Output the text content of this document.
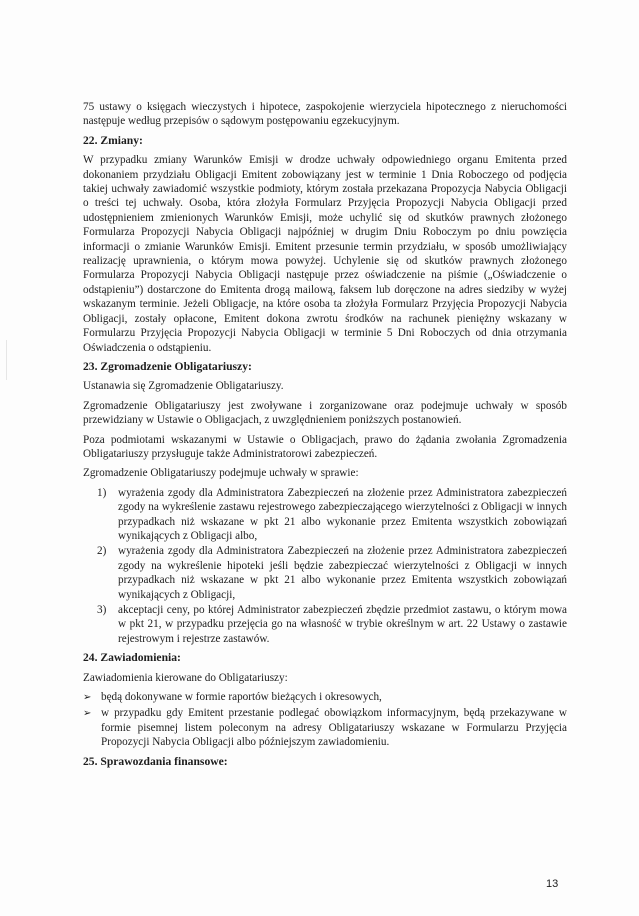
75 ustawy o księgach wieczystych i hipotece, zaspokojenie wierzyciela hipotecznego z nieruchomości następuje według przepisów o sądowym postępowaniu egzekucyjnym.

22. Zmiany:

W przypadku zmiany Warunków Emisji w drodze uchwały odpowiedniego organu Emitenta przed dokonaniem przydziału Obligacji Emitent zobowiązany jest w terminie 1 Dnia Roboczego od podjęcia takiej uchwały zawiadomić wszystkie podmioty, którym została przekazana Propozycja Nabycia Obligacji o treści tej uchwały. Osoba, która złożyła Formularz Przyjęcia Propozycji Nabycia Obligacji przed udostępnieniem zmienionych Warunków Emisji, może uchylić się od skutków prawnych złożonego Formularza Propozycji Nabycia Obligacji najpóźniej w drugim Dniu Roboczym po dniu powzięcia informacji o zmianie Warunków Emisji. Emitent przesunie termin przydziału, w sposób umożliwiający realizację uprawnienia, o którym mowa powyżej. Uchylenie się od skutków prawnych złożonego Formularza Propozycji Nabycia Obligacji następuje przez oświadczenie na piśmie („Oświadczenie o odstąpieniu”) dostarczone do Emitenta drogą mailową, faksem lub doręczone na adres siedziby w wyżej wskazanym terminie. Jeżeli Obligacje, na które osoba ta złożyła Formularz Przyjęcia Propozycji Nabycia Obligacji, zostały opłacone, Emitent dokona zwrotu środków na rachunek pieniężny wskazany w Formularzu Przyjęcia Propozycji Nabycia Obligacji w terminie 5 Dni Roboczych od dnia otrzymania Oświadczenia o odstąpieniu.

23. Zgromadzenie Obligatariuszy:

Ustanawia się Zgromadzenie Obligatariuszy.

Zgromadzenie Obligatariuszy jest zwoływane i zorganizowane oraz podejmuje uchwały w sposób przewidziany w Ustawie o Obligacjach, z uwzględnieniem poniższych postanowień.

Poza podmiotami wskazanymi w Ustawie o Obligacjach, prawo do żądania zwołania Zgromadzenia Obligatariuszy przysługuje także Administratorowi zabezpieczeń.

Zgromadzenie Obligatariuszy podejmuje uchwały w sprawie:

1)	wyrażenia zgody dla Administratora Zabezpieczeń na złożenie przez Administratora zabezpieczeń zgody na wykreślenie zastawu rejestrowego zabezpieczającego wierzytelności z Obligacji w innych przypadkach niż wskazane w pkt 21 albo wykonanie przez Emitenta wszystkich zobowiązań wynikających z Obligacji albo,
2)	wyrażenia zgody dla Administratora Zabezpieczeń na złożenie przez Administratora zabezpieczeń zgody na wykreślenie hipoteki jeśli będzie zabezpieczać wierzytelności z Obligacji w innych przypadkach niż wskazane w pkt 21 albo wykonanie przez Emitenta wszystkich zobowiązań wynikających z Obligacji,
3)	akceptacji ceny, po której Administrator zabezpieczeń zbędzie przedmiot zastawu, o którym mowa w pkt 21, w przypadku przejęcia go na własność w trybie określnym w art. 22 Ustawy o zastawie rejestrowym i rejestrze zastawów.
24. Zawiadomienia:

Zawiadomienia kierowane do Obligatariuszy:

➢ będą dokonywane w formie raportów bieżących i okresowych,
➢ w przypadku gdy Emitent przestanie podlegać obowiązkom informacyjnym, będą przekazywane w formie pisemnej listem poleconym na adresy Obligatariuszy wskazane w Formularzu Przyjęcia Propozycji Nabycia Obligacji albo późniejszym zawiadomieniu.
25. Sprawozdania finansowe:
13
